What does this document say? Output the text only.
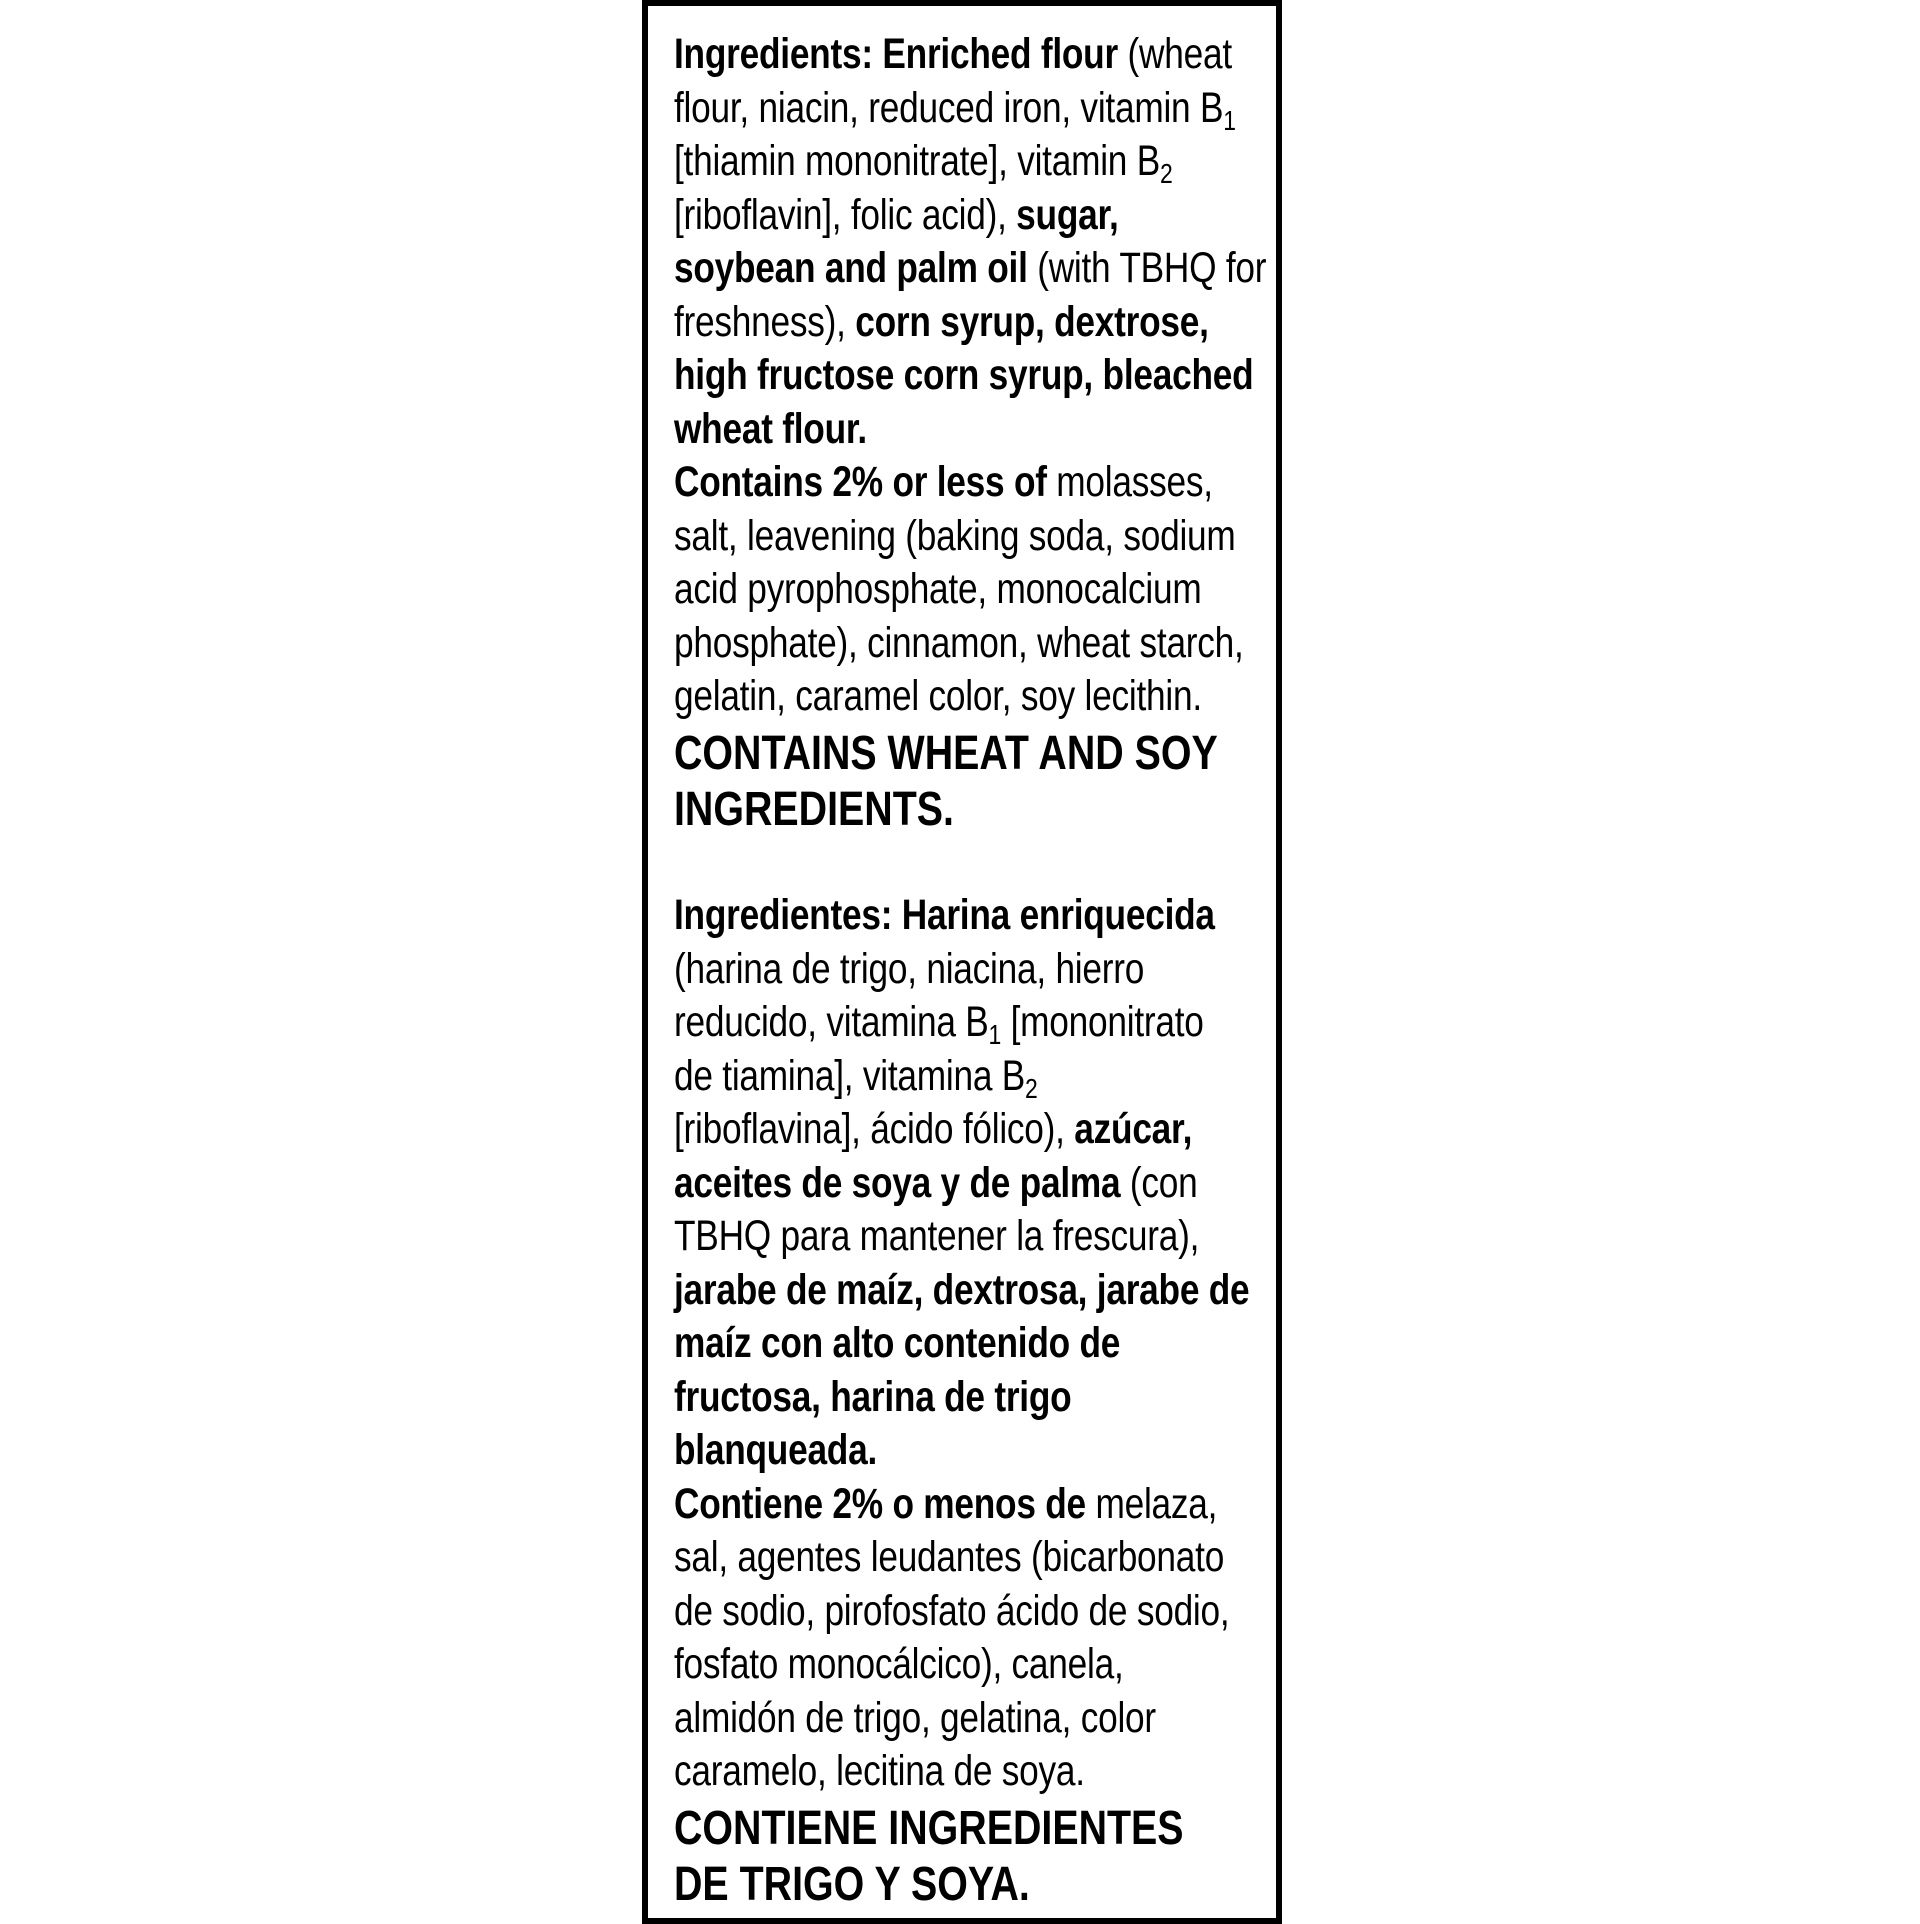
Ingredients: Enriched flour (wheat
flour, niacin, reduced iron, vitamin $B_1$
[thiamin mononitrate], vitamin $B_2$
[riboflavin], folic acid), sugar,
soybean and palm oil (with TBHQ for
freshness), corn syrup, dextrose,
high fructose corn syrup, bleached
wheat flour.

Contains 2% or less of molasses,
salt, leavening (baking soda, sodium
acid pyrophosphate, monocalcium
phosphate), cinnamon, wheat starch,
gelatin, caramel color, soy lecithin.

CONTAINS WHEAT AND SOY
INGREDIENTS.

Ingredientes: Harina enriquecida
(harina de trigo, niacina, hierro
reducido, vitamina $B_1$ [mononitrato
de tiamina], vitamina $B_2$
[riboflavina], ácido fólico), azúcar,
aceites de soya y de palma (con
TBHQ para mantener la frescura),
jarabe de maíz, dextrosa, jarabe de
maíz con alto contenido de
fructosa, harina de trigo
blanqueada.

Contiene 2% o menos de melaza,
sal, agentes leudantes (bicarbonato
de sodio, pirofosfato ácido de sodio,
fosfato monocálcico), canela,
almidón de trigo, gelatina, color
caramelo, lecitina de soya.

CONTIENE INGREDIENTES
DE TRIGO Y SOYA.
